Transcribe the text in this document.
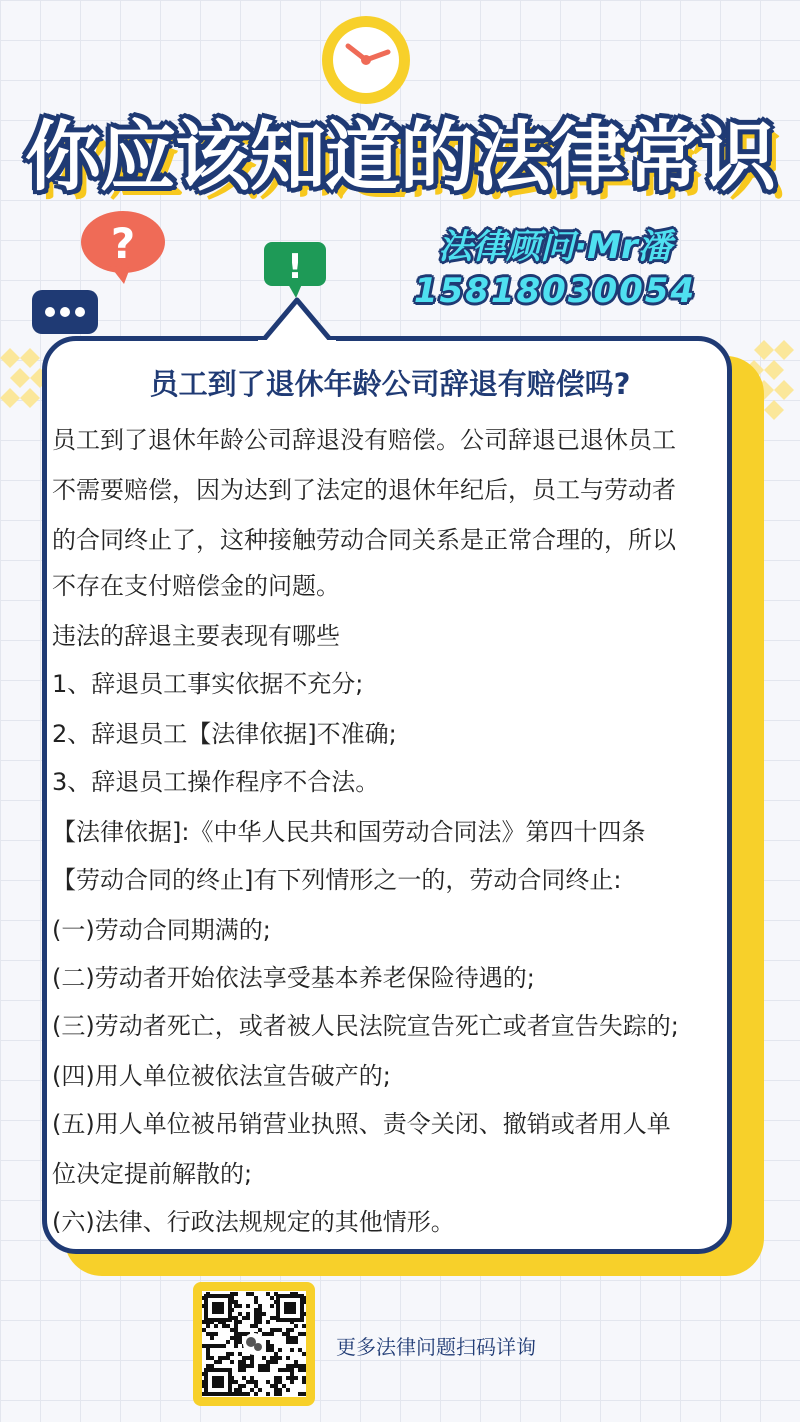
你应该知道的法律常识
?	!	法律顾问·Mr潘
15818030054
员工到了退休年龄公司辞退有赔偿吗?
员工到了退休年龄公司辞退没有赔偿。公司辞退已退休员工
不需要赔偿，因为达到了法定的退休年纪后，员工与劳动者
的合同终止了，这种接触劳动合同关系是正常合理的，所以
不存在支付赔偿金的问题。
违法的辞退主要表现有哪些
1、辞退员工事实依据不充分;
2、辞退员工【法律依据]不准确;
3、辞退员工操作程序不合法。
【法律依据]:《中华人民共和国劳动合同法》第四十四条
【劳动合同的终止]有下列情形之一的，劳动合同终止:
(一)劳动合同期满的;
(二)劳动者开始依法享受基本养老保险待遇的;
(三)劳动者死亡，或者被人民法院宣告死亡或者宣告失踪的;
(四)用人单位被依法宣告破产的;
(五)用人单位被吊销营业执照、责令关闭、撤销或者用人单
位决定提前解散的;
(六)法律、行政法规规定的其他情形。
更多法律问题扫码详询
